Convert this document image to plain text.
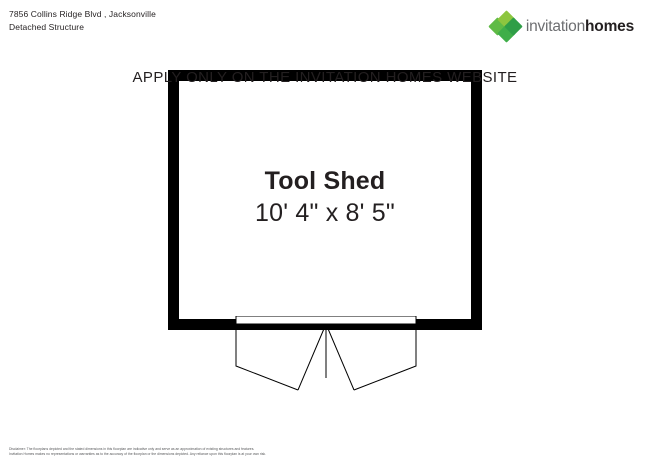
7856 Collins Ridge Blvd , Jacksonville
Detached Structure	invitationhomes
APPLY ONLY ON THE INVITATION HOMES WEBSITE
Tool Shed
10' 4" x 8' 5"

Disclaimer: The floorplans depicted and the stated dimensions in this floorplan are indicative only and serve as an approximation of existing structures and features.

Invitation Homes makes no representations or warranties as to the accuracy of the floorplan or the dimensions depicted. Any reliance upon this floorplan is at your own risk.
